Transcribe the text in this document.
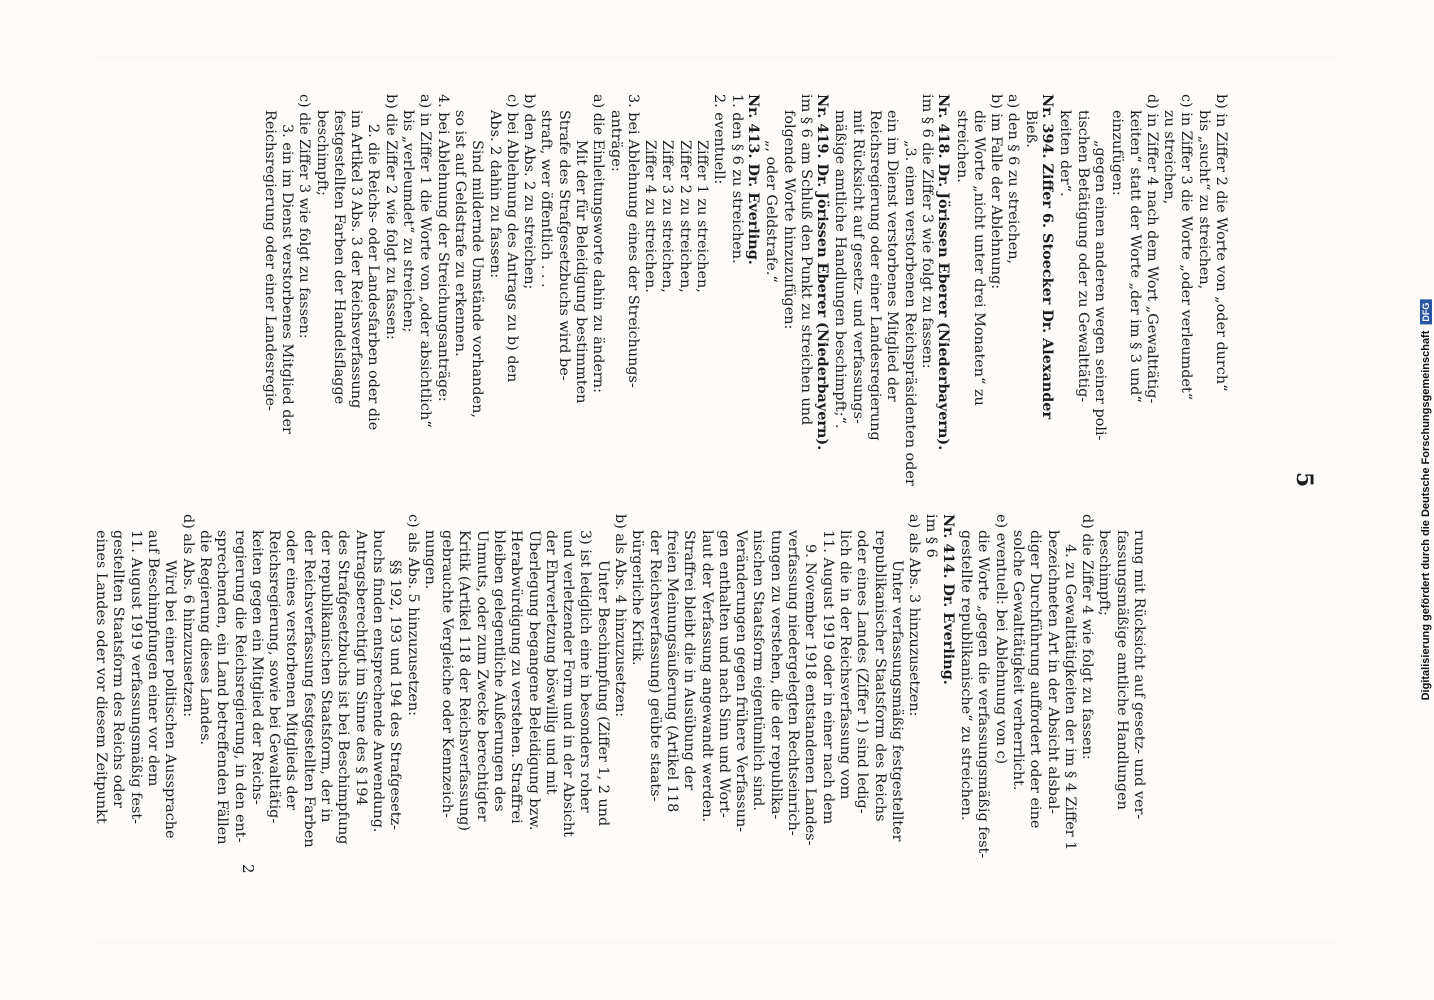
5
b) in Ziffer 2 die Worte von „oder durch“
bis „sucht“ zu streichen,
c) in Ziffer 3 die Worte „oder verleumdet“
zu streichen,
d) in Ziffer 4 nach dem Wort „Gewalttätig-
keiten“ statt der Worte „der im § 3 und“
einzufügen:
„gegen einen anderen wegen seiner poli-
tischen Betätigung oder zu Gewalttätig-
keiten der“.
Nr. 394. Ziffer 6. Stoecker Dr. Alexander
Bieß.
a) den § 6 zu streichen,
b) im Falle der Ablehnung:
die Worte „nicht unter drei Monaten“ zu
streichen.
Nr. 418. Dr. Jörissen Eberer (Niederbayern).
im § 6 die Ziffer 3 wie folgt zu fassen:
„3. einen verstorbenen Reichspräsidenten oder
ein im Dienst verstorbenes Mitglied der
Reichsregierung oder einer Landesregierung
mit Rücksicht auf gesetz- und verfassungs-
mäßige amtliche Handlungen beschimpft;“.
Nr. 419. Dr. Jörissen Eberer (Niederbayern).
im § 6 am Schluß den Punkt zu streichen und
folgende Worte hinzuzufügen:
„, oder Geldstrafe.“
Nr. 413. Dr. Everling.
1. den § 6 zu streichen.
2. eventuell:
Ziffer 1 zu streichen,
Ziffer 2 zu streichen,
Ziffer 3 zu streichen,
Ziffer 4 zu streichen.
3. bei Ablehnung eines der Streichungs-
anträge:
a) die Einleitungsworte dahin zu ändern:
Mit der für Beleidigung bestimmten
Strafe des Strafgesetzbuchs wird be-
straft, wer öffentlich . . .
b) den Abs. 2 zu streichen;
c) bei Ablehnung des Antrags zu b) den
Abs. 2 dahin zu fassen:
Sind mildernde Umstände vorhanden,
so ist auf Geldstrafe zu erkennen.
4. bei Ablehnung der Streichungsanträge:
a) in Ziffer 1 die Worte von „oder absichtlich“
bis „verleumdet“ zu streichen;
b) die Ziffer 2 wie folgt zu fassen:
2. die Reichs- oder Landesfarben oder die
im Artikel 3 Abs. 3 der Reichsverfassung
festgestellten Farben der Handelsflagge
beschimpft;
c) die Ziffer 3 wie folgt zu fassen:
3. ein im Dienst verstorbenes Mitglied der
Reichsregierung oder einer Landesregie-
rung mit Rücksicht auf gesetz- und ver-
fassungsmäßige amtliche Handlungen
beschimpft;
d) die Ziffer 4 wie folgt zu fassen:
4. zu Gewalttätigkeiten der im § 4 Ziffer 1
bezeichneten Art in der Absicht alsbal-
diger Durchführung auffordert oder eine
solche Gewalttätigkeit verherrlicht.
e) eventuell: bei Ablehnung von c)
die Worte „gegen die verfassungsmäßig fest-
gestellte republikanische“ zu streichen.
Nr. 414. Dr. Everling.
im § 6
a) als Abs. 3 hinzuzusetzen:
Unter verfassungsmäßig festgestellter
republikanischer Staatsform des Reichs
oder eines Landes (Ziffer 1) sind ledig-
lich die in der Reichsverfassung vom
11. August 1919 oder in einer nach dem
9. November 1918 entstandenen Landes-
verfassung niedergelegten Rechtseinrich-
tungen zu verstehen, die der republika-
nischen Staatsform eigentümlich sind.
Veränderungen gegen frühere Verfassun-
gen enthalten und nach Sinn und Wort-
laut der Verfassung angewandt werden.
Straffrei bleibt die in Ausübung der
freien Meinungsäußerung (Artikel 118
der Reichsverfassung) geübte staats-
bürgerliche Kritik.
b) als Abs. 4 hinzuzusetzen:
Unter Beschimpfung (Ziffer 1, 2 und
3) ist lediglich eine in besonders roher
und verletzender Form und in der Absicht
der Ehrverletzung böswillig und mit
Überlegung begangene Beleidigung bzw.
Herabwürdigung zu verstehen. Straffrei
bleiben gelegentliche Äußerungen des
Unmuts, oder zum Zwecke berechtigter
Kritik (Artikel 118 der Reichsverfassung)
gebrauchte Vergleiche oder Kennzeich-
nungen.
c) als Abs. 5 hinzuzusetzen:
§§ 192, 193 und 194 des Strafgesetz-
buchs finden entsprechende Anwendung.
Antragsberechtigt im Sinne des § 194
des Strafgesetzbuchs ist bei Beschimpfung
der republikanischen Staatsform, der in
der Reichsverfassung festgestellten Farben
oder eines verstorbenen Mitglieds der
Reichsregierung, sowie bei Gewalttätig-
keiten gegen ein Mitglied der Reichs-
regierung die Reichsregierung, in den ent-
sprechenden, ein Land betreffenden Fällen
die Regierung dieses Landes.
d) als Abs. 6 hinzuzusetzen:
Wird bei einer politischen Aussprache
auf Beschimpfungen einer vor dem
11. August 1919 verfassungsmäßig fest-
gestellten Staatsform des Reichs oder
eines Landes oder vor diesem Zeitpunkt
2
Digitalisierung gefördert durch die Deutsche Forschungsgemeinschaft
DFG
